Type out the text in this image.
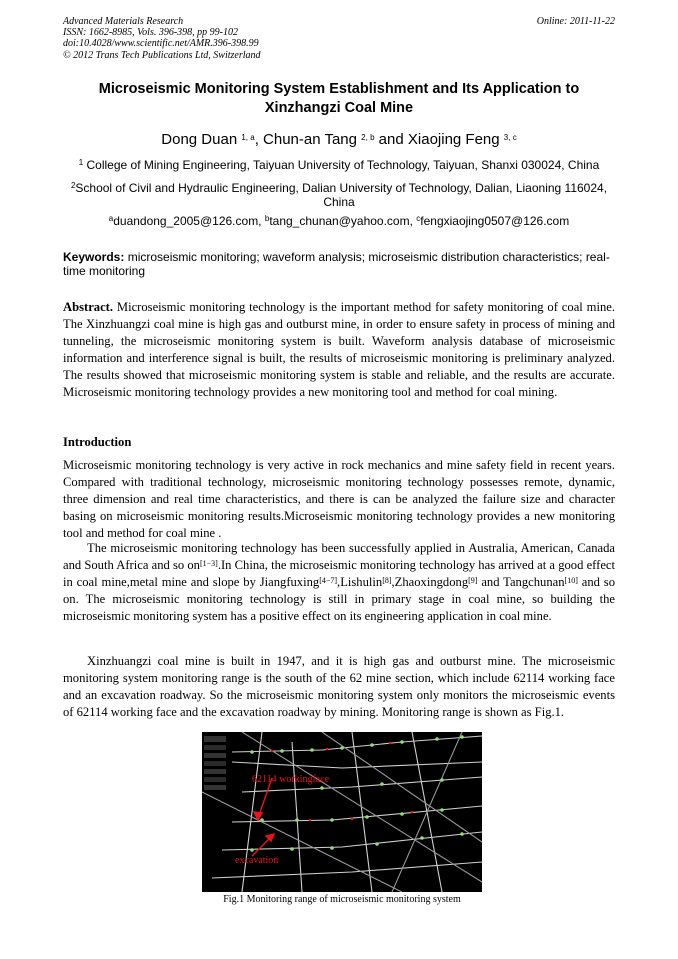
Advanced Materials Research
ISSN: 1662-8985, Vols. 396-398, pp 99-102
doi:10.4028/www.scientific.net/AMR.396-398.99
© 2012 Trans Tech Publications Ltd, Switzerland
Online: 2011-11-22
Microseismic Monitoring System Establishment and Its Application to
Xinzhangzi Coal Mine
Dong Duan $^{1, a}$, Chun-an Tang $^{2, b}$ and Xiaojing Feng $^{3, c}$
$^1$ College of Mining Engineering, Taiyuan University of Technology, Taiyuan, Shanxi 030024, China
$^2$School of Civil and Hydraulic Engineering, Dalian University of Technology, Dalian, Liaoning 116024, China
$^a$duandong_2005@126.com, $^b$tang_chunan@yahoo.com, $^c$fengxiaojing0507@126.com
Keywords: microseismic monitoring; waveform analysis; microseismic distribution characteristics; real-time monitoring

Abstract. Microseismic monitoring technology is the important method for safety monitoring of coal mine. The Xinzhuangzi coal mine is high gas and outburst mine, in order to ensure safety in process of mining and tunneling, the microseismic monitoring system is built. Waveform analysis database of microseismic information and interference signal is built, the results of microseismic monitoring is preliminary analyzed. The results showed that microseismic monitoring system is stable and reliable, and the results are accurate. Microseismic monitoring technology provides a new monitoring tool and method for coal mining.

Introduction

Microseismic monitoring technology is very active in rock mechanics and mine safety field in recent years. Compared with traditional technology, microseismic monitoring technology possesses remote, dynamic, three dimension and real time characteristics, and there is can be analyzed the failure size and character basing on microseismic monitoring results.Microseismic monitoring technology provides a new monitoring tool and method for coal mine .

The microseismic monitoring technology has been successfully applied in Australia, American, Canada and South Africa and so on[1−3].In China, the microseismic monitoring technology has arrived at a good effect in coal mine,metal mine and slope by Jiangfuxing[4−7],Lishulin[8],Zhaoxingdong[9] and Tangchunan[10] and so on. The microseismic monitoring technology is still in primary stage in coal mine, so building the microseismic monitoring system has a positive effect on its engineering application in coal mine.

Xinzhuangzi coal mine is built in 1947, and it is high gas and outburst mine. The microseismic monitoring system monitoring range is the south of the 62 mine section, which include 62114 working face and an excavation roadway. So the microseismic monitoring system only monitors the microseismic events of 62114 working face and the excavation roadway by mining. Monitoring range is shown as Fig.1.

62114 workingface
excavation
Fig.1 Monitoring range of microseismic monitoring system
